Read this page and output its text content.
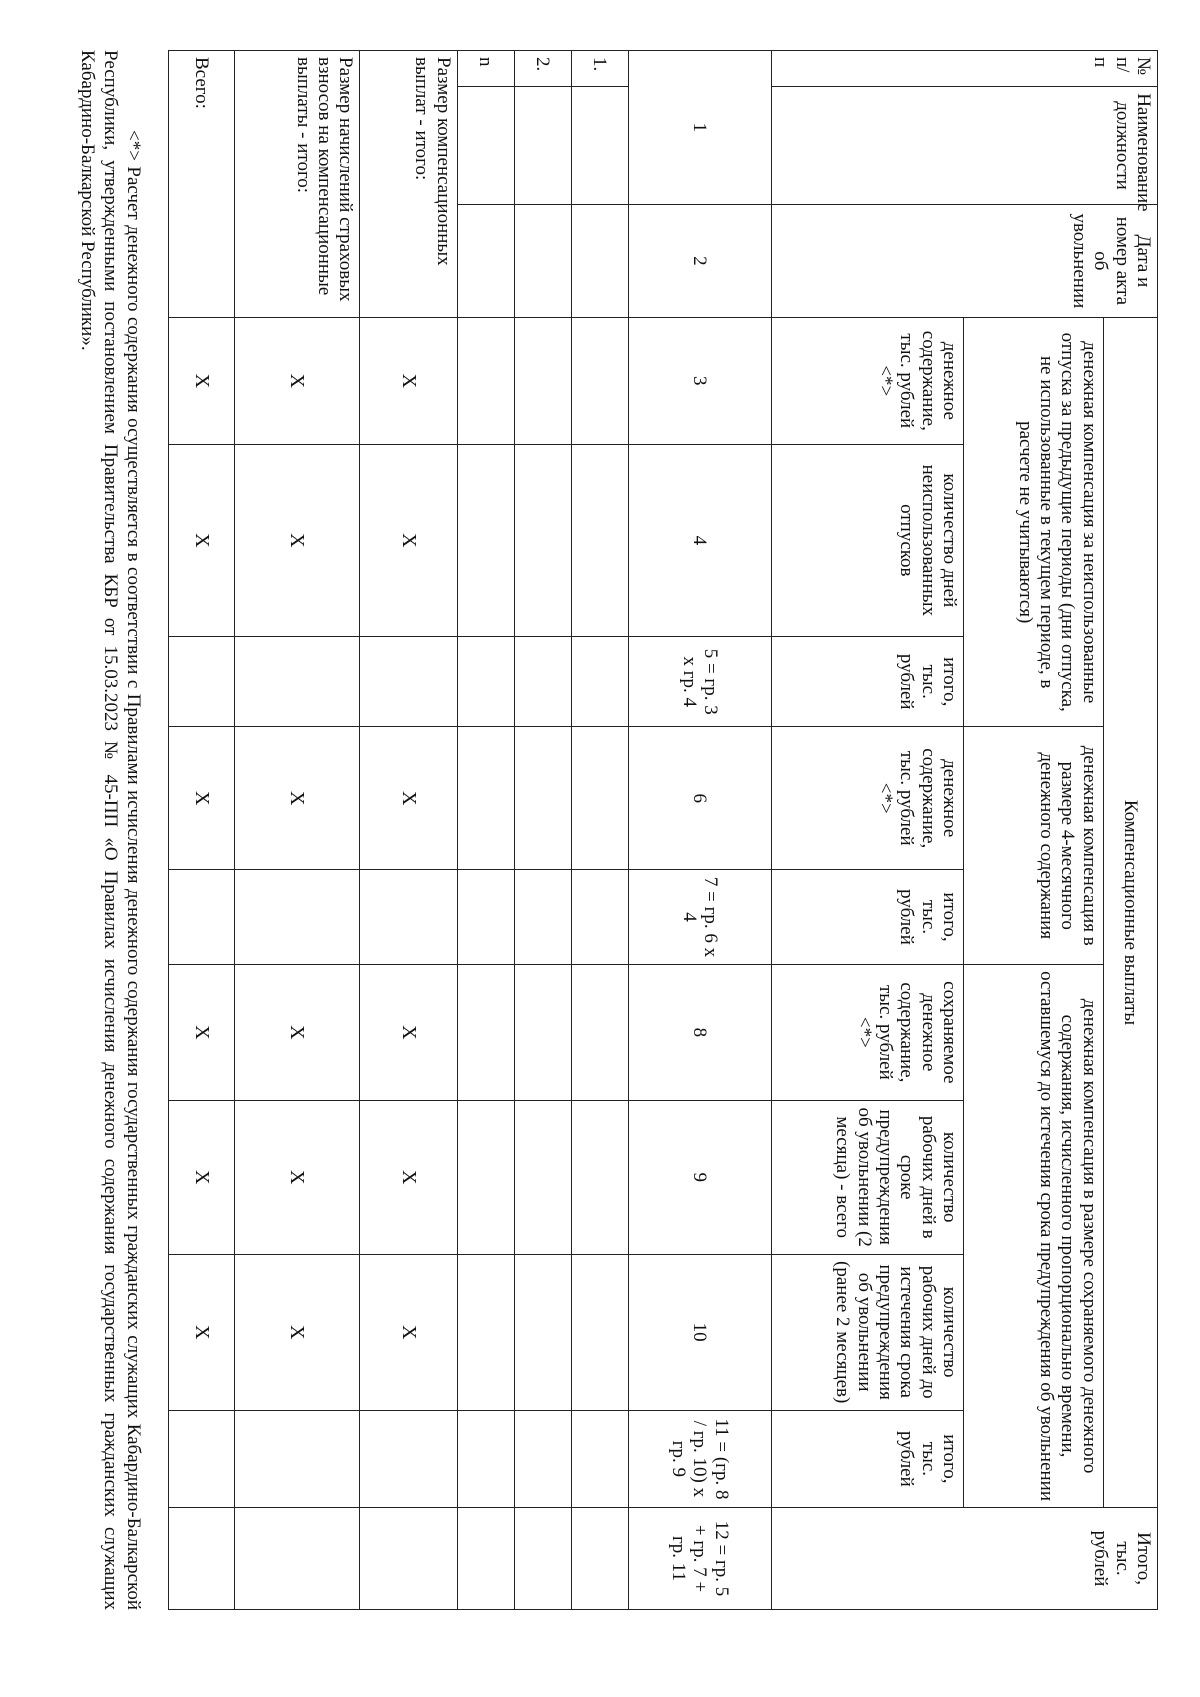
№ п/п	Наименование должности	Дата и номер акта об увольнении	Компенсационные выплаты									Итого, тыс. рублей
			денежная компенсация за неиспользованные отпуска за предыдущие периоды (дни отпуска, не использованные в текущем периоде, в расчете не учитываются)			денежная компенсация в размере 4-месячного денежного содержания		денежная компенсация в размере сохраняемого денежного содержания, исчисленного пропорционально времени, оставшемуся до истечения срока предупреждения об увольнении				
			денежное содержание, тыс. рублей <*>	количество дней неиспользованных отпусков	итого, тыс. рублей	денежное содержание, тыс. рублей <*>	итого, тыс. рублей	сохраняемое денежное содержание, тыс. рублей <*>	количество рабочих дней в сроке предупреждения об увольнении (2 месяца) - всего	количество рабочих дней до истечения срока предупреждения об увольнении (ранее 2 месяцев)	итого, тыс. рублей	
1		2	3	4	5 = гр. 3 x гр. 4	6	7 = гр. 6 x 4	8	9	10	11 = (гр. 8 / гр. 10) x гр. 9	12 = гр. 5 + гр. 7 + гр. 11
1.												
2.												
n												
Размер компенсационных выплат - итого:			X	X		X		X	X	X		
Размер начислений страховых взносов на компенсационные выплаты - итого:			X	X		X		X	X	X		
Всего:			X	X		X		X	X	X		
<*> Расчет денежного содержания осуществляется в соответствии с Правилами исчисления денежного содержания государственных гражданских служащих Кабардино-Балкарской Республики, утвержденными постановлением Правительства КБР от 15.03.2023 № 45-ПП «О Правилах исчисления денежного содержания государственных гражданских служащих Кабардино-Балкарской Республики».
